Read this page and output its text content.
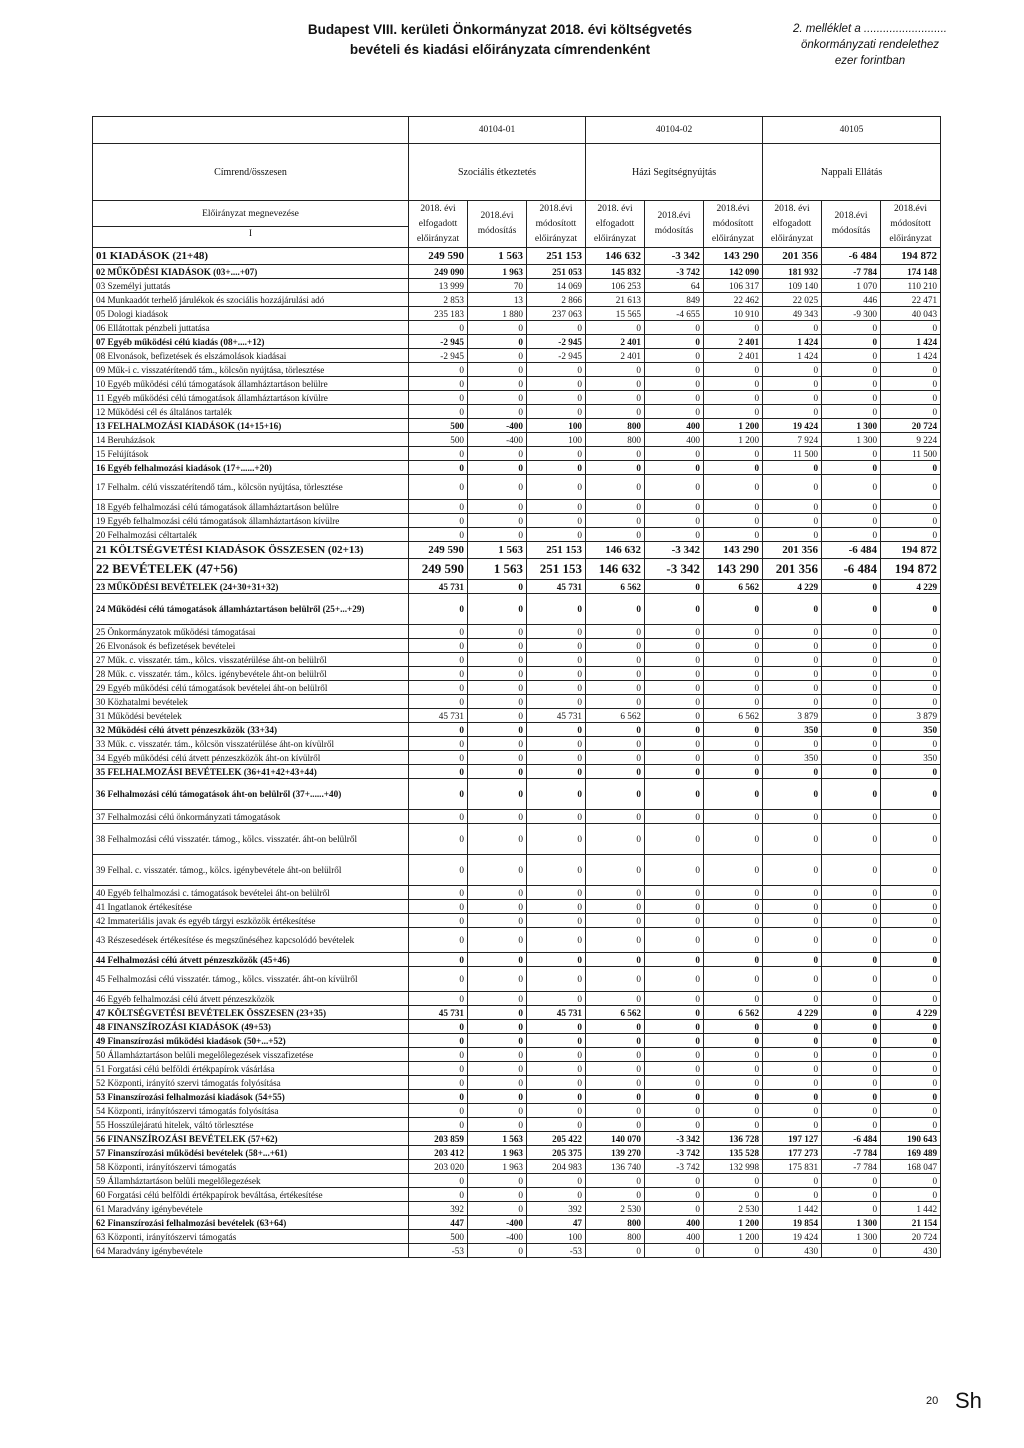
Budapest VIII. kerületi Önkormányzat 2018. évi költségvetés
bevételi és kiadási előirányzata címrendenként
2. melléklet a ..........................
önkormányzati rendelethez
ezer forintban
	40104-01			40104-02			40105		
Címrend/összesen	Szociális étkeztetés			Házi Segítségnyújtás			Nappali Ellátás		

Előirányzat megnevezése
I	2018. évi elfogadott előirányzat	2018.évi módosítás	2018.évi módosított előirányzat	2018. évi elfogadott előirányzat	2018.évi módosítás	2018.évi módosított előirányzat	2018. évi elfogadott előirányzat	2018.évi módosítás	2018.évi módosított előirányzat
01 KIADÁSOK (21+48)	249 590	1 563	251 153	146 632	-3 342	143 290	201 356	-6 484	194 872
02 MŰKÖDÉSI KIADÁSOK (03+....+07)	249 090	1 963	251 053	145 832	-3 742	142 090	181 932	-7 784	174 148
03 Személyi juttatás	13 999	70	14 069	106 253	64	106 317	109 140	1 070	110 210
04 Munkaadót terhelő járulékok és szociális hozzájárulási adó	2 853	13	2 866	21 613	849	22 462	22 025	446	22 471
05 Dologi kiadások	235 183	1 880	237 063	15 565	-4 655	10 910	49 343	-9 300	40 043
06 Ellátottak pénzbeli juttatása	0	0	0	0	0	0	0	0	0
07 Egyéb működési célú kiadás (08+....+12)	-2 945	0	-2 945	2 401	0	2 401	1 424	0	1 424
08 Elvonások, befizetések és elszámolások kiadásai	-2 945	0	-2 945	2 401	0	2 401	1 424	0	1 424
09 Műk-i c. visszatérítendő tám., kölcsön nyújtása, törlesztése	0	0	0	0	0	0	0	0	0
10 Egyéb működési célú támogatások államháztartáson belülre	0	0	0	0	0	0	0	0	0
11 Egyéb működési célú támogatások államháztartáson kívülre	0	0	0	0	0	0	0	0	0
12 Működési cél és általános tartalék	0	0	0	0	0	0	0	0	0
13 FELHALMOZÁSI KIADÁSOK (14+15+16)	500	-400	100	800	400	1 200	19 424	1 300	20 724
14 Beruházások	500	-400	100	800	400	1 200	7 924	1 300	9 224
15 Felújítások	0	0	0	0	0	0	11 500	0	11 500
16 Egyéb felhalmozási kiadások (17+......+20)	0	0	0	0	0	0	0	0	0
17 Felhalm. célú visszatérítendő tám., kölcsön nyújtása, törlesztése	0	0	0	0	0	0	0	0	0
18 Egyéb felhalmozási célú támogatások államháztartáson belülre	0	0	0	0	0	0	0	0	0
19 Egyéb felhalmozási célú támogatások államháztartáson kívülre	0	0	0	0	0	0	0	0	0
20 Felhalmozási céltartalék	0	0	0	0	0	0	0	0	0
21 KÖLTSÉGVETÉSI KIADÁSOK ÖSSZESEN (02+13)	249 590	1 563	251 153	146 632	-3 342	143 290	201 356	-6 484	194 872
22 BEVÉTELEK (47+56)	249 590	1 563	251 153	146 632	-3 342	143 290	201 356	-6 484	194 872
23 MŰKÖDÉSI BEVÉTELEK (24+30+31+32)	45 731	0	45 731	6 562	0	6 562	4 229	0	4 229
24 Működési célú támogatások államháztartáson belülről (25+...+29)	0	0	0	0	0	0	0	0	0
25 Önkormányzatok működési támogatásai	0	0	0	0	0	0	0	0	0
26 Elvonások és befizetések bevételei	0	0	0	0	0	0	0	0	0
27 Műk. c. visszatér. tám., kölcs. visszatérülése áht-on belülről	0	0	0	0	0	0	0	0	0
28 Műk. c. visszatér. tám., kölcs. igénybevétele áht-on belülről	0	0	0	0	0	0	0	0	0
29 Egyéb működési célú támogatások bevételei áht-on belülről	0	0	0	0	0	0	0	0	0
30 Közhatalmi bevételek	0	0	0	0	0	0	0	0	0
31 Működési bevételek	45 731	0	45 731	6 562	0	6 562	3 879	0	3 879
32 Működési célú átvett pénzeszközök (33+34)	0	0	0	0	0	0	350	0	350
33 Műk. c. visszatér. tám., kölcsön visszatérülése áht-on kívülről	0	0	0	0	0	0	0	0	0
34 Egyéb működési célú átvett pénzeszközök áht-on kívülről	0	0	0	0	0	0	350	0	350
35 FELHALMOZÁSI BEVÉTELEK (36+41+42+43+44)	0	0	0	0	0	0	0	0	0
36 Felhalmozási célú támogatások áht-on belülről (37+......+40)	0	0	0	0	0	0	0	0	0
37 Felhalmozási célú önkormányzati támogatások	0	0	0	0	0	0	0	0	0
38 Felhalmozási célú visszatér. támog., kölcs. visszatér. áht-on belülről	0	0	0	0	0	0	0	0	0
39 Felhal. c. visszatér. támog., kölcs. igénybevétele áht-on belülről	0	0	0	0	0	0	0	0	0
40 Egyéb felhalmozási c. támogatások bevételei áht-on belülről	0	0	0	0	0	0	0	0	0
41 Ingatlanok értékesítése	0	0	0	0	0	0	0	0	0
42 Immateriális javak és egyéb tárgyi eszközök értékesítése	0	0	0	0	0	0	0	0	0
43 Részesedések értékesítése és megszűnéséhez kapcsolódó bevételek	0	0	0	0	0	0	0	0	0
44 Felhalmozási célú átvett pénzeszközök (45+46)	0	0	0	0	0	0	0	0	0
45 Felhalmozási célú visszatér. támog., kölcs. visszatér. áht-on kívülről	0	0	0	0	0	0	0	0	0
46 Egyéb felhalmozási célú átvett pénzeszközök	0	0	0	0	0	0	0	0	0
47 KÖLTSÉGVETÉSI BEVÉTELEK ÖSSZESEN (23+35)	45 731	0	45 731	6 562	0	6 562	4 229	0	4 229
48 FINANSZÍROZÁSI KIADÁSOK (49+53)	0	0	0	0	0	0	0	0	0
49 Finanszírozási működési kiadások (50+...+52)	0	0	0	0	0	0	0	0	0
50 Államháztartáson belüli megelőlegezések visszafizetése	0	0	0	0	0	0	0	0	0
51 Forgatási célú belföldi értékpapírok vásárlása	0	0	0	0	0	0	0	0	0
52 Központi, irányító szervi támogatás folyósítása	0	0	0	0	0	0	0	0	0
53 Finanszírozási felhalmozási kiadások (54+55)	0	0	0	0	0	0	0	0	0
54 Központi, irányítószervi támogatás folyósítása	0	0	0	0	0	0	0	0	0
55 Hosszúlejáratú hitelek, váltó törlesztése	0	0	0	0	0	0	0	0	0
56 FINANSZÍROZÁSI BEVÉTELEK (57+62)	203 859	1 563	205 422	140 070	-3 342	136 728	197 127	-6 484	190 643
57 Finanszírozási működési bevételek (58+...+61)	203 412	1 963	205 375	139 270	-3 742	135 528	177 273	-7 784	169 489
58 Központi, irányítószervi támogatás	203 020	1 963	204 983	136 740	-3 742	132 998	175 831	-7 784	168 047
59 Államháztartáson belüli megelőlegezések	0	0	0	0	0	0	0	0	0
60 Forgatási célú belföldi értékpapírok beváltása, értékesítése	0	0	0	0	0	0	0	0	0
61 Maradvány igénybevétele	392	0	392	2 530	0	2 530	1 442	0	1 442
62 Finanszírozási felhalmozási bevételek (63+64)	447	-400	47	800	400	1 200	19 854	1 300	21 154
63 Központi, irányítószervi támogatás	500	-400	100	800	400	1 200	19 424	1 300	20 724
64 Maradvány igénybevétele	-53	0	-53	0	0	0	430	0	430
20 Sh
